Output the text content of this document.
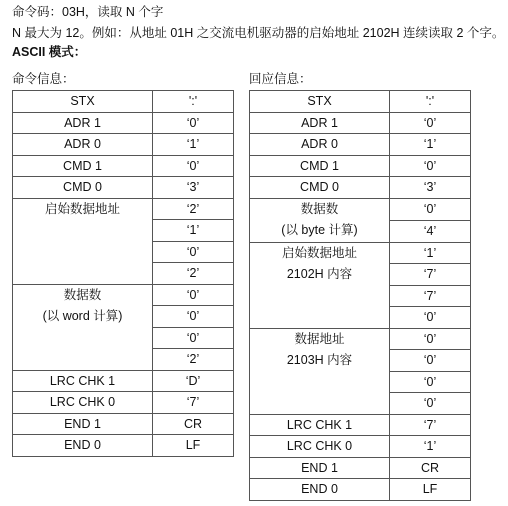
命令码：03H，读取 N 个字
N 最大为 12。例如：从地址 01H 之交流电机驱动器的启始地址 2102H 连续读取 2 个字。
ASCII 模式：
命令信息：	回应信息：
STX	':'
ADR 1	‘0’
ADR 0	‘1’
CMD 1	‘0’
CMD 0	‘3’

启始数据地址	‘2’
	‘1’
	‘0’
	‘2’

数据数
(以 word 计算)	‘0’
	‘0’
	‘0’
	‘2’
LRC CHK 1	‘D’
LRC CHK 0	‘7’
END 1	CR
END 0	LF
STX	':'
ADR 1	‘0’
ADR 0	‘1’
CMD 1	‘0’
CMD 0	‘3’

数据数
(以 byte 计算)	‘0’
	‘4’

启始数据地址
2102H 内容	‘1’
	‘7’
	‘7’
	‘0’

数据地址
2103H 内容	‘0’
	‘0’
	‘0’
	‘0’
LRC CHK 1	‘7’
LRC CHK 0	‘1’
END 1	CR
END 0	LF
